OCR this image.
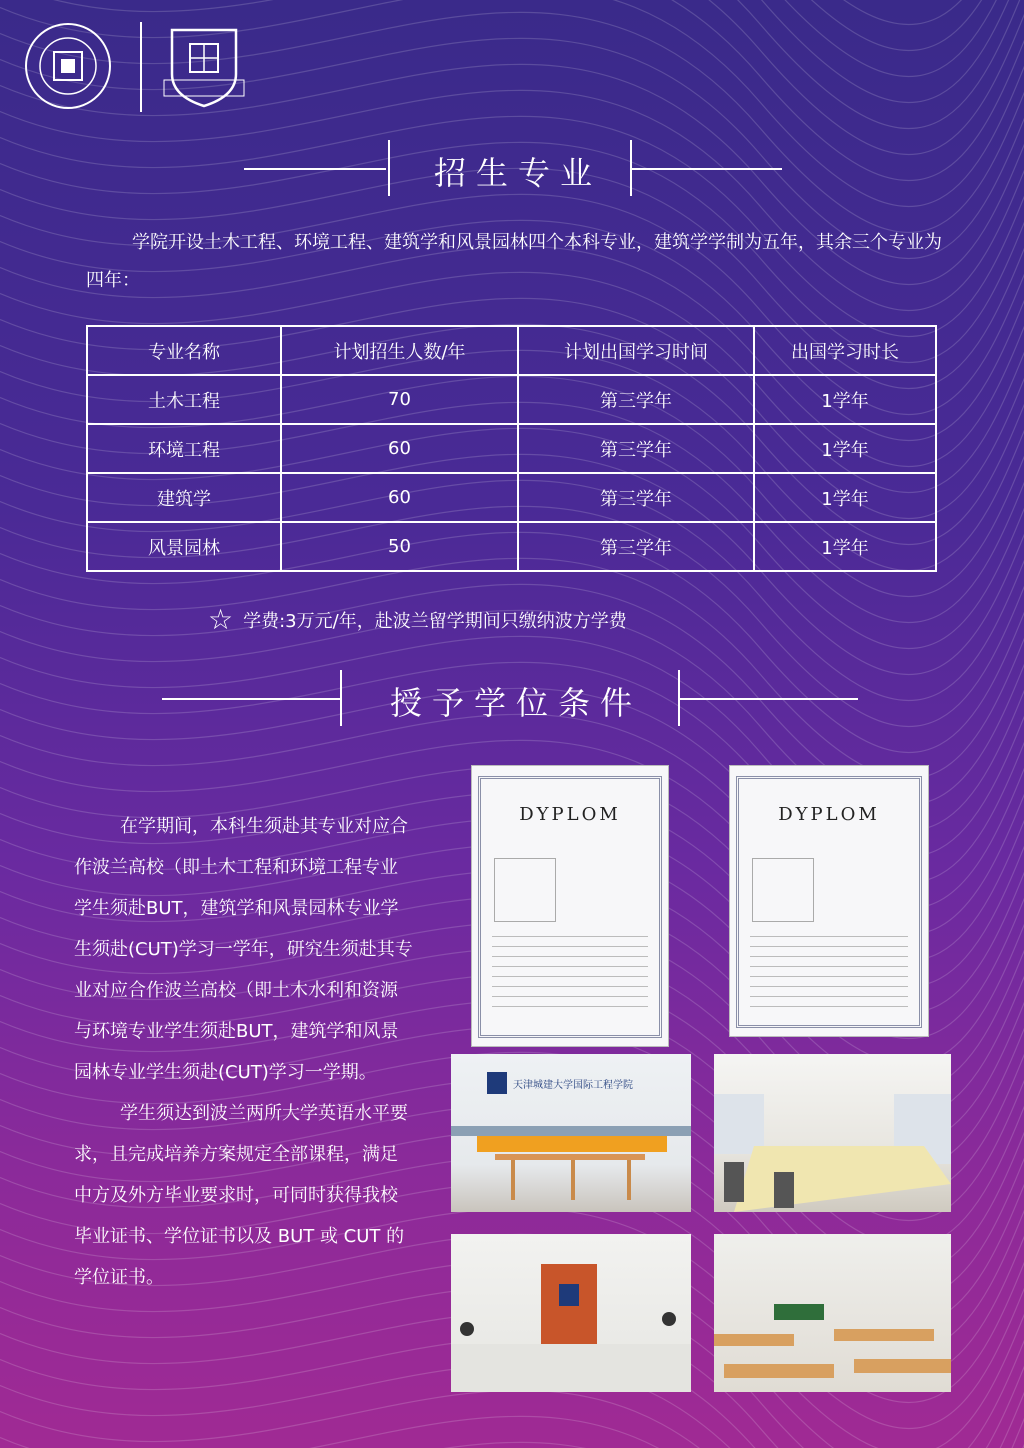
招生专业
学院开设土木工程、环境工程、建筑学和风景园林四个本科专业，建筑学学制为五年，其余三个专业为四年：
专业名称	计划招生人数/年	计划出国学习时间	出国学习时长
土木工程	70	第三学年	1学年
环境工程	60	第三学年	1学年
建筑学	60	第三学年	1学年
风景园林	50	第三学年	1学年
☆ 学费:3万元/年，赴波兰留学期间只缴纳波方学费
授予学位条件

在学期间，本科生须赴其专业对应合作波兰高校（即土木工程和环境工程专业学生须赴BUT，建筑学和风景园林专业学生须赴(CUT)学习一学年，研究生须赴其专业对应合作波兰高校（即土木水利和资源与环境专业学生须赴BUT，建筑学和风景园林专业学生须赴(CUT)学习一学期。

学生须达到波兰两所大学英语水平要求，且完成培养方案规定全部课程，满足中方及外方毕业要求时，可同时获得我校毕业证书、学位证书以及 BUT 或 CUT 的学位证书。

DYPLOM	DYPLOM
天津城建大学国际工程学院
